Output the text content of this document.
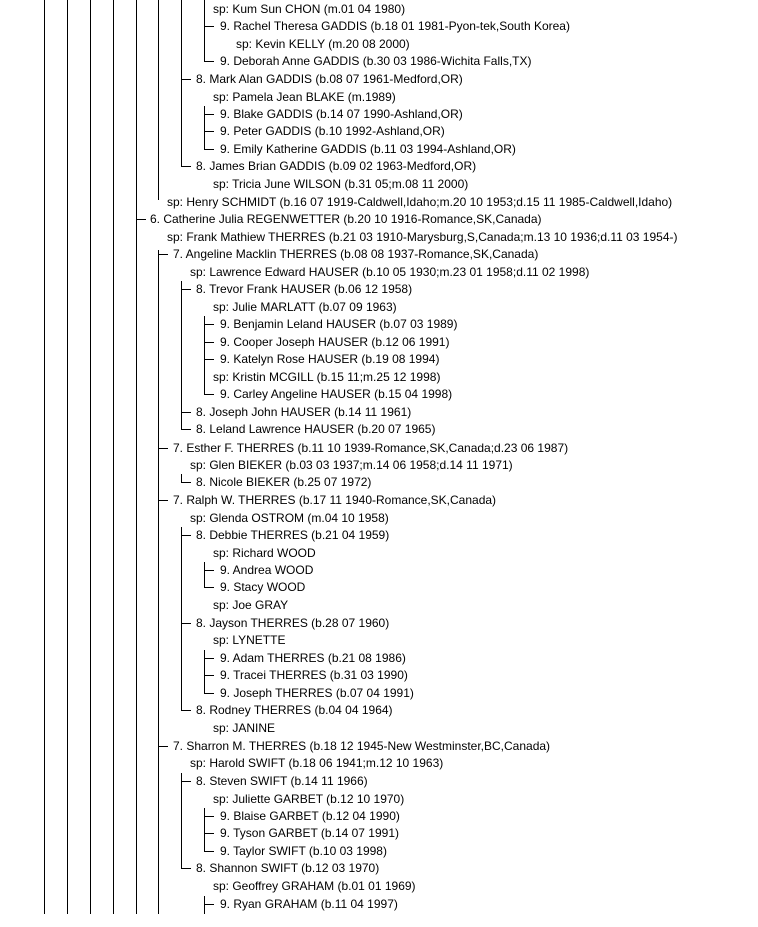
sp: Kum Sun CHON (m.01 04 1980)
9. Rachel Theresa GADDIS (b.18 01 1981-Pyon-tek,South Korea)
sp: Kevin KELLY (m.20 08 2000)
9. Deborah Anne GADDIS (b.30 03 1986-Wichita Falls,TX)
8. Mark Alan GADDIS (b.08 07 1961-Medford,OR)
sp: Pamela Jean BLAKE (m.1989)
9. Blake GADDIS (b.14 07 1990-Ashland,OR)
9. Peter GADDIS (b.10 1992-Ashland,OR)
9. Emily Katherine GADDIS (b.11 03 1994-Ashland,OR)
8. James Brian GADDIS (b.09 02 1963-Medford,OR)
sp: Tricia June WILSON (b.31 05;m.08 11 2000)
sp: Henry SCHMIDT (b.16 07 1919-Caldwell,Idaho;m.20 10 1953;d.15 11 1985-Caldwell,Idaho)
6. Catherine Julia REGENWETTER (b.20 10 1916-Romance,SK,Canada)
sp: Frank Mathiew THERRES (b.21 03 1910-Marysburg,S,Canada;m.13 10 1936;d.11 03 1954-)
7. Angeline Macklin THERRES (b.08 08 1937-Romance,SK,Canada)
sp: Lawrence Edward HAUSER (b.10 05 1930;m.23 01 1958;d.11 02 1998)
8. Trevor Frank HAUSER (b.06 12 1958)
sp: Julie MARLATT (b.07 09 1963)
9. Benjamin Leland HAUSER (b.07 03 1989)
9. Cooper Joseph HAUSER (b.12 06 1991)
9. Katelyn Rose HAUSER (b.19 08 1994)
sp: Kristin MCGILL (b.15 11;m.25 12 1998)
9. Carley Angeline HAUSER (b.15 04 1998)
8. Joseph John HAUSER (b.14 11 1961)
8. Leland Lawrence HAUSER (b.20 07 1965)
7. Esther F. THERRES (b.11 10 1939-Romance,SK,Canada;d.23 06 1987)
sp: Glen BIEKER (b.03 03 1937;m.14 06 1958;d.14 11 1971)
8. Nicole BIEKER (b.25 07 1972)
7. Ralph W. THERRES (b.17 11 1940-Romance,SK,Canada)
sp: Glenda OSTROM (m.04 10 1958)
8. Debbie THERRES (b.21 04 1959)
sp: Richard WOOD
9. Andrea WOOD
9. Stacy WOOD
sp: Joe GRAY
8. Jayson THERRES (b.28 07 1960)
sp: LYNETTE
9. Adam THERRES (b.21 08 1986)
9. Tracei THERRES (b.31 03 1990)
9. Joseph THERRES (b.07 04 1991)
8. Rodney THERRES (b.04 04 1964)
sp: JANINE
7. Sharron M. THERRES (b.18 12 1945-New Westminster,BC,Canada)
sp: Harold SWIFT (b.18 06 1941;m.12 10 1963)
8. Steven SWIFT (b.14 11 1966)
sp: Juliette GARBET (b.12 10 1970)
9. Blaise GARBET (b.12 04 1990)
9. Tyson GARBET (b.14 07 1991)
9. Taylor SWIFT (b.10 03 1998)
8. Shannon SWIFT (b.12 03 1970)
sp: Geoffrey GRAHAM (b.01 01 1969)
9. Ryan GRAHAM (b.11 04 1997)
